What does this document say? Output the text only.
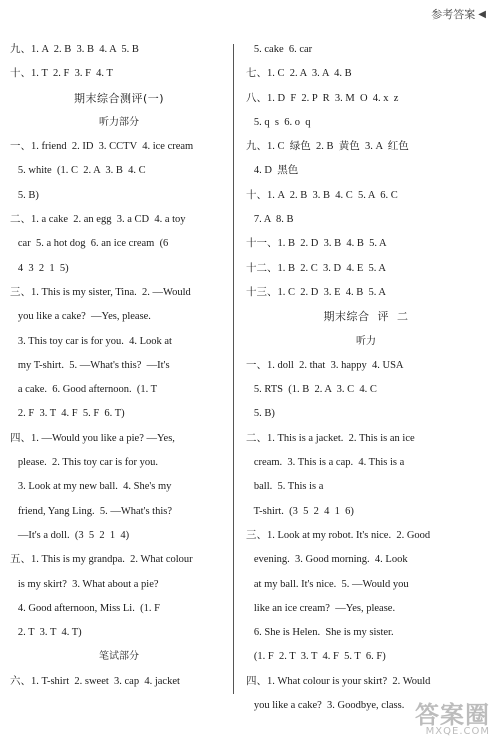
参考答案 ◀
九、1. A  2. B  3. B  4. A  5. B
十、1. T  2. F  3. F  4. T
期末综合测评(一)
听力部分
一、1. friend  2. ID  3. CCTV  4. ice cream
5. white  (1. C  2. A  3. B  4. C
5. B)
二、1. a cake  2. an egg  3. a CD  4. a toy
car  5. a hot dog  6. an ice cream  (6
4  3  2  1  5)
三、1. This is my sister, Tina.  2. —Would
you like a cake?  —Yes, please.
3. This toy car is for you.  4. Look at
my T-shirt.  5. —What's this?  —It's
a cake.  6. Good afternoon.  (1. T
2. F  3. T  4. F  5. F  6. T)
四、1. —Would you like a pie? —Yes,
please.  2. This toy car is for you.
3. Look at my new ball.  4. She's my
friend, Yang Ling.  5. —What's this?
—It's a doll.  (3  5  2  1  4)
五、1. This is my grandpa.  2. What colour
is my skirt?  3. What about a pie?
4. Good afternoon, Miss Li.  (1. F
2. T  3. T  4. T)
笔试部分
六、1. T-shirt  2. sweet  3. cap  4. jacket
5. cake  6. car
七、1. C  2. A  3. A  4. B
八、1. D  F  2. P  R  3. M  O  4. x  z
5. q  s  6. o  q
九、1. C  绿色  2. B  黄色  3. A  红色
4. D  黑色
十、1. A  2. B  3. B  4. C  5. A  6. C
7. A  8. B
十一、1. B  2. D  3. B  4. B  5. A
十二、1. B  2. C  3. D  4. E  5. A
十三、1. C  2. D  3. E  4. B  5. A
期末综合  评  二
听力
一、1. doll  2. that  3. happy  4. USA
5. RTS  (1. B  2. A  3. C  4. C
5. B)
二、1. This is a jacket.  2. This is an ice
cream.  3. This is a cap.  4. This is a
ball.  5. This is a
T-shirt.  (3  5  2  4  1  6)
三、1. Look at my robot. It's nice.  2. Good
evening.  3. Good morning.  4. Look
at my ball. It's nice.  5. —Would you
like an ice cream?  —Yes, please.
6. She is Helen.  She is my sister.
(1. F  2. T  3. T  4. F  5. T  6. F)
四、1. What colour is your skirt?  2. Would
you like a cake?  3. Goodbye, class. 答案圈
MXQE.COM
